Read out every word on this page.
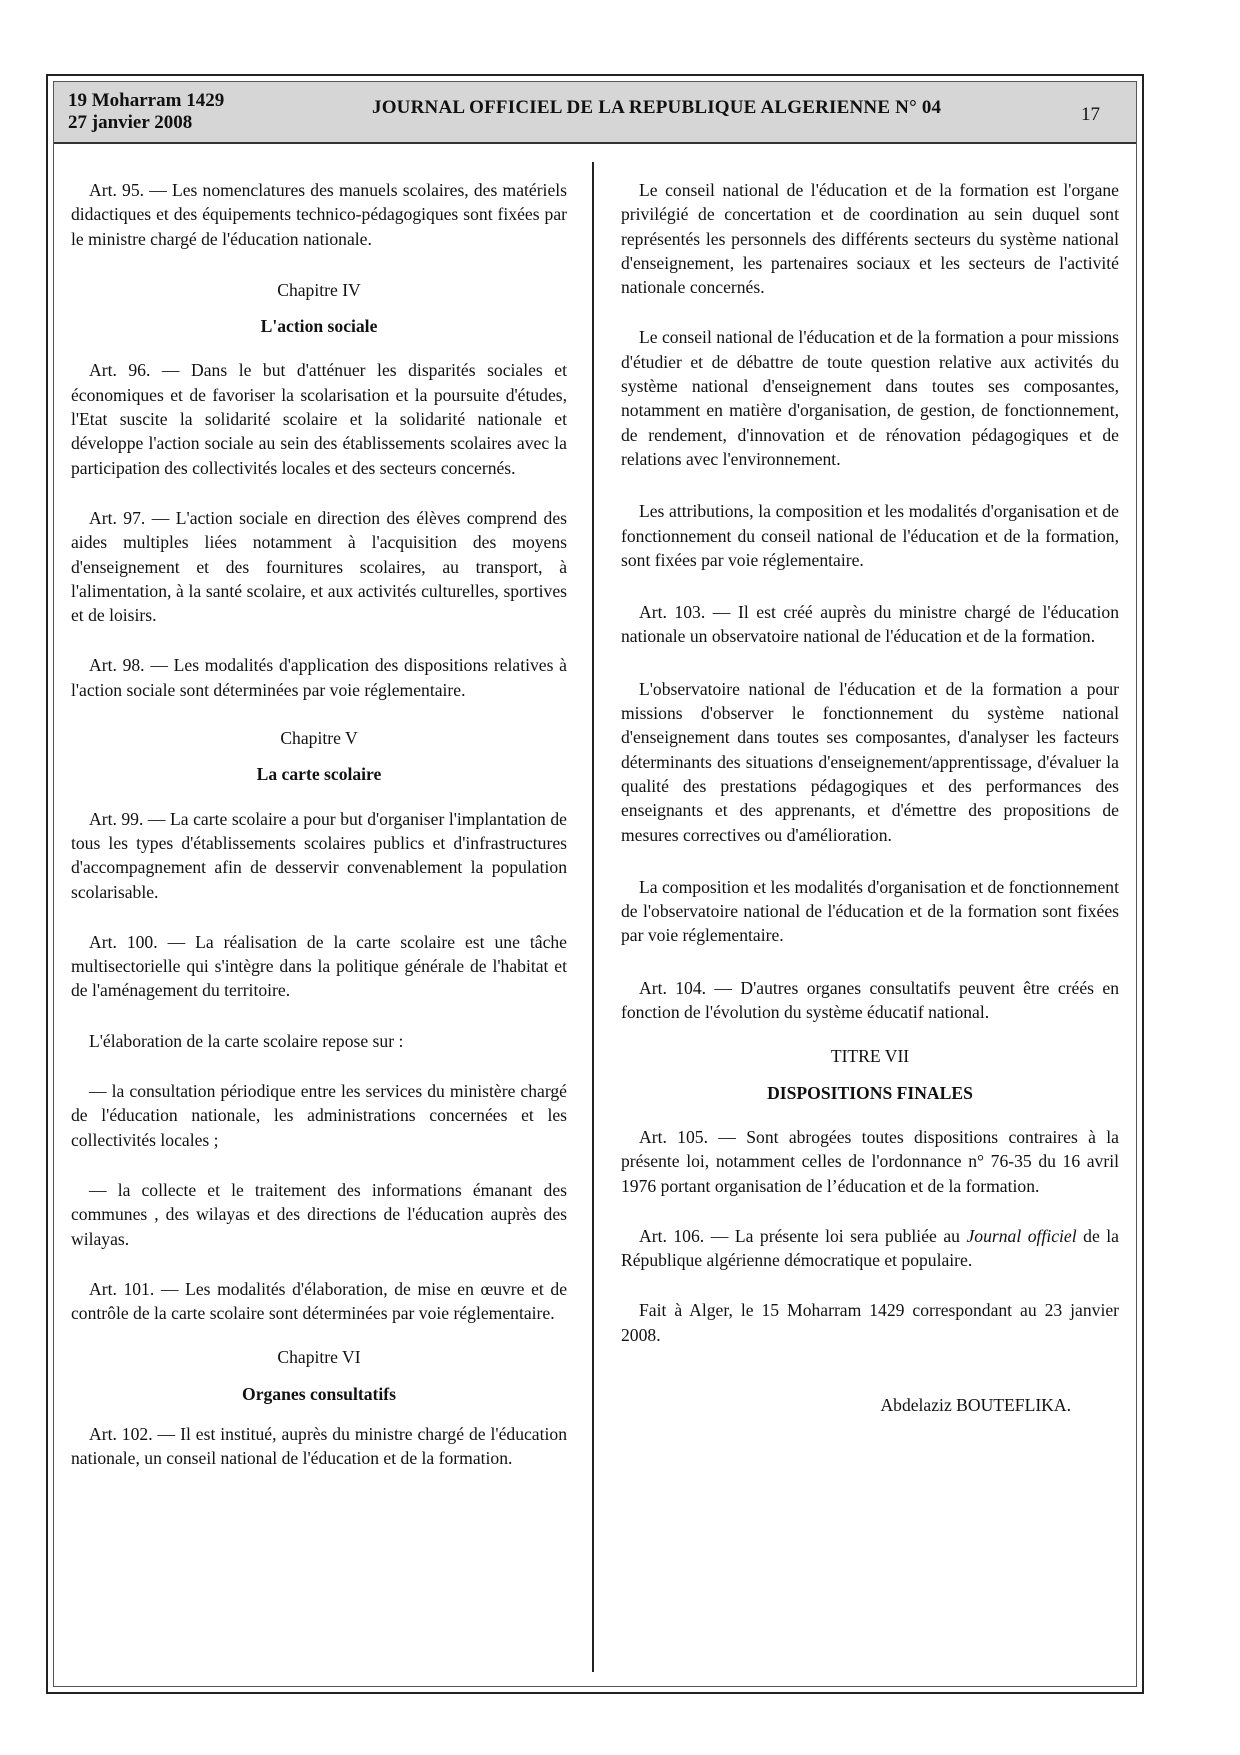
19 Moharram 1429
27 janvier 2008
JOURNAL OFFICIEL DE LA REPUBLIQUE ALGERIENNE N° 04	17

Art. 95. — Les nomenclatures des manuels scolaires, des matériels didactiques et des équipements technico-pédagogiques sont fixées par le ministre chargé de l'éducation nationale.

Chapitre IV

L'action sociale

Art. 96. — Dans le but d'atténuer les disparités sociales et économiques et de favoriser la scolarisation et la poursuite d'études, l'Etat suscite la solidarité scolaire et la solidarité nationale et développe l'action sociale au sein des établissements scolaires avec la participation des collectivités locales et des secteurs concernés.

Art. 97. — L'action sociale en direction des élèves comprend des aides multiples liées notamment à l'acquisition des moyens d'enseignement et des fournitures scolaires, au transport, à l'alimentation, à la santé scolaire, et aux activités culturelles, sportives et de loisirs.

Art. 98. — Les modalités d'application des dispositions relatives à l'action sociale sont déterminées par voie réglementaire.

Chapitre V

La carte scolaire

Art. 99. — La carte scolaire a pour but d'organiser l'implantation de tous les types d'établissements scolaires publics et d'infrastructures d'accompagnement afin de desservir convenablement la population scolarisable.

Art. 100. — La réalisation de la carte scolaire est une tâche multisectorielle qui s'intègre dans la politique générale de l'habitat et de l'aménagement du territoire.

L'élaboration de la carte scolaire repose sur :

— la consultation périodique entre les services du ministère chargé de l'éducation nationale, les administrations concernées et les collectivités locales ;

— la collecte et le traitement des informations émanant des communes , des wilayas et des directions de l'éducation auprès des wilayas.

Art. 101. — Les modalités d'élaboration, de mise en œuvre et de contrôle de la carte scolaire sont déterminées par voie réglementaire.

Chapitre VI

Organes consultatifs

Art. 102. — Il est institué, auprès du ministre chargé de l'éducation nationale, un conseil national de l'éducation et de la formation.

Le conseil national de l'éducation et de la formation est l'organe privilégié de concertation et de coordination au sein duquel sont représentés les personnels des différents secteurs du système national d'enseignement, les partenaires sociaux et les secteurs de l'activité nationale concernés.

Le conseil national de l'éducation et de la formation a pour missions d'étudier et de débattre de toute question relative aux activités du système national d'enseignement dans toutes ses composantes, notamment en matière d'organisation, de gestion, de fonctionnement, de rendement, d'innovation et de rénovation pédagogiques et de relations avec l'environnement.

Les attributions, la composition et les modalités d'organisation et de fonctionnement du conseil national de l'éducation et de la formation, sont fixées par voie réglementaire.

Art. 103. — Il est créé auprès du ministre chargé de l'éducation nationale un observatoire national de l'éducation et de la formation.

L'observatoire national de l'éducation et de la formation a pour missions d'observer le fonctionnement du système national d'enseignement dans toutes ses composantes, d'analyser les facteurs déterminants des situations d'enseignement/apprentissage, d'évaluer la qualité des prestations pédagogiques et des performances des enseignants et des apprenants, et d'émettre des propositions de mesures correctives ou d'amélioration.

La composition et les modalités d'organisation et de fonctionnement de l'observatoire national de l'éducation et de la formation sont fixées par voie réglementaire.

Art. 104. — D'autres organes consultatifs peuvent être créés en fonction de l'évolution du système éducatif national.

TITRE VII

DISPOSITIONS FINALES

Art. 105. — Sont abrogées toutes dispositions contraires à la présente loi, notamment celles de l'ordonnance n° 76-35 du 16 avril 1976 portant organisation de l’éducation et de la formation.

Art. 106. — La présente loi sera publiée au Journal officiel de la République algérienne démocratique et populaire.

Fait à Alger, le 15 Moharram 1429 correspondant au 23 janvier 2008.

Abdelaziz BOUTEFLIKA.
